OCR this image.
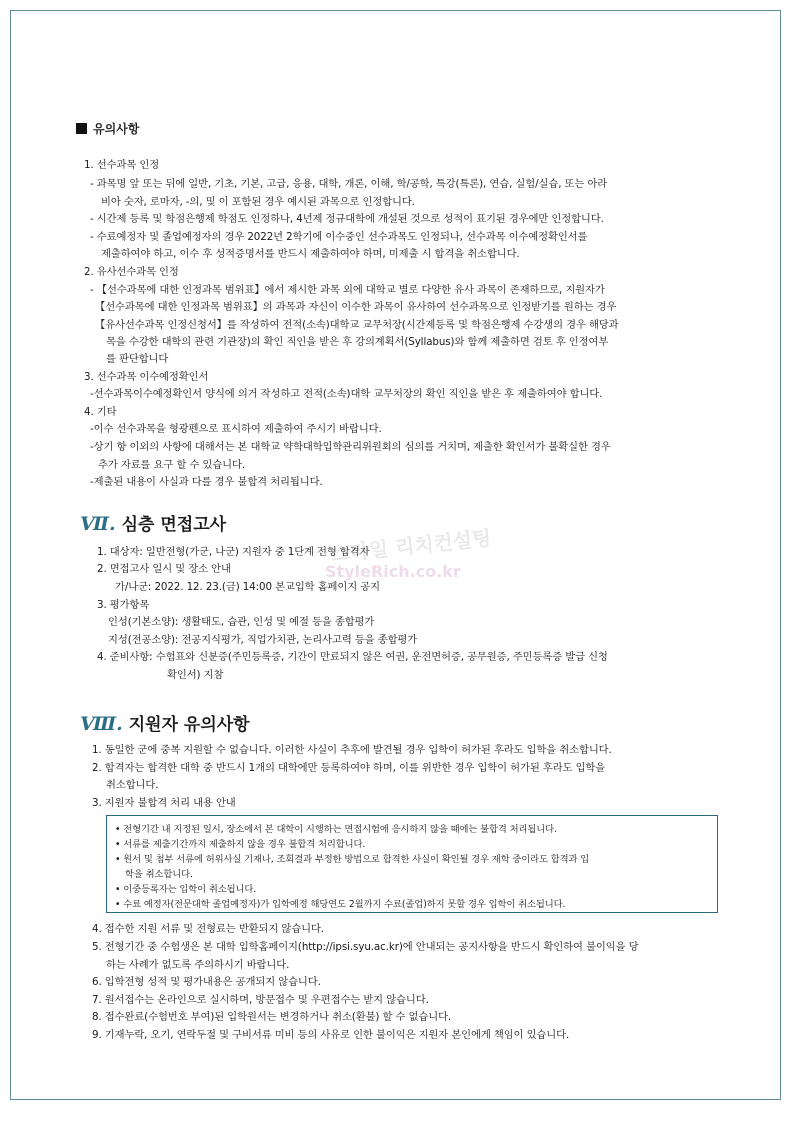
유의사항
1. 선수과목 인정
- 과목명 앞 또는 뒤에 일반, 기초, 기본, 고급, 응용, 대학, 개론, 이해, 학/공학, 특강(특론), 연습, 실험/실습, 또는 아라
비아 숫자, 로마자, -의, 및 이 포함된 경우 예시된 과목으로 인정합니다.
- 시간제 등록 및 학점은행제 학점도 인정하나, 4년제 정규대학에 개설된 것으로 성적이 표기된 경우에만 인정합니다.
- 수료예정자 및 졸업예정자의 경우 2022년 2학기에 이수중인 선수과목도 인정되나, 선수과목 이수예정확인서를
제출하여야 하고, 이수 후 성적증명서를 반드시 제출하여야 하며, 미제출 시 합격을 취소합니다.
2. 유사선수과목 인정
- 【선수과목에 대한 인정과목 범위표】에서 제시한 과목 외에 대학교 별로 다양한 유사 과목이 존재하므로, 지원자가
【선수과목에 대한 인정과목 범위표】의 과목과 자신이 이수한 과목이 유사하여 선수과목으로 인정받기를 원하는 경우
【유사선수과목 인정신청서】를 작성하여 전적(소속)대학교 교무처장(시간제등록 및 학점은행제 수강생의 경우 해당과
목을 수강한 대학의 관련 기관장)의 확인 직인을 받은 후 강의계획서(Syllabus)와 함께 제출하면 검토 후 인정여부
를 판단합니다
3. 선수과목 이수예정확인서
-선수과목이수예정확인서 양식에 의거 작성하고 전적(소속)대학 교무처장의 확인 직인을 받은 후 제출하여야 합니다.
4. 기타
-이수 선수과목을 형광펜으로 표시하여 제출하여 주시기 바랍니다.
-상기 항 이외의 사항에 대해서는 본 대학교 약학대학입학관리위원회의 심의를 거치며, 제출한 확인서가 불확실한 경우
추가 자료를 요구 할 수 있습니다.
-제출된 내용이 사실과 다를 경우 불합격 처리됩니다.
스타일 리치컨설팅
StyleRich.co.kr
Ⅶ. 심층 면접고사
1. 대상자: 일반전형(가군, 나군) 지원자 중 1단계 전형 합격자
2. 면접고사 일시 및 장소 안내
가/나군: 2022. 12. 23.(금) 14:00 본교입학 홈페이지 공지
3. 평가항목
인성(기본소양): 생활태도, 습관, 인성 및 예절 등을 종합평가
지성(전공소양): 전공지식평가, 직업가치관, 논리사고력 등을 종합평가
4. 준비사항: 수험표와 신분증(주민등록증, 기간이 만료되지 않은 여권, 운전면허증, 공무원증, 주민등록증 발급 신청
확인서) 지참
Ⅷ. 지원자 유의사항
1. 동일한 군에 중복 지원할 수 없습니다. 이러한 사실이 추후에 발견될 경우 입학이 허가된 후라도 입학을 취소합니다.
2. 합격자는 합격한 대학 중 반드시 1개의 대학에만 등록하여야 하며, 이를 위반한 경우 입학이 허가된 후라도 입학을
취소합니다.
3. 지원자 불합격 처리 내용 안내
• 전형기간 내 지정된 일시, 장소에서 본 대학이 시행하는 면접시험에 응시하지 않을 때에는 불합격 처리됩니다.
• 서류를 제출기간까지 제출하지 않을 경우 불합격 처리합니다.
• 원서 및 첨부 서류에 허위사실 기재나, 조회결과 부정한 방법으로 합격한 사실이 확인될 경우 재학 중이라도 합격과 입
학을 취소합니다.
• 이중등록자는 입학이 취소됩니다.
• 수료 예정자(전문대학 졸업예정자)가 입학예정 해당연도 2월까지 수료(졸업)하지 못할 경우 입학이 취소됩니다.
4. 접수한 지원 서류 및 전형료는 반환되지 않습니다.
5. 전형기간 중 수험생은 본 대학 입학홈페이지(http://ipsi.syu.ac.kr)에 안내되는 공지사항을 반드시 확인하여 불이익을 당
하는 사례가 없도록 주의하시기 바랍니다.
6. 입학전형 성적 및 평가내용은 공개되지 않습니다.
7. 원서접수는 온라인으로 실시하며, 방문접수 및 우편접수는 받지 않습니다.
8. 접수완료(수험번호 부여)된 입학원서는 변경하거나 취소(환불) 할 수 없습니다.
9. 기재누락, 오기, 연락두절 및 구비서류 미비 등의 사유로 인한 불이익은 지원자 본인에게 책임이 있습니다.
